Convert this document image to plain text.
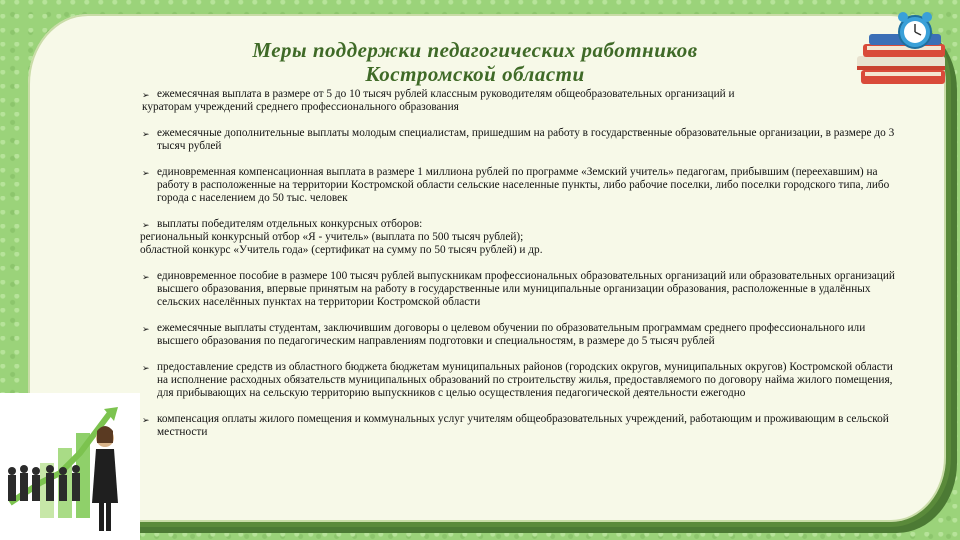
Меры поддержки педагогических работников
Костромской области
➢ ежемесячная выплата в размере от 5 до 10 тысяч рублей классным руководителям общеобразовательных организаций и
кураторам учреждений среднего профессионального образования
➢ ежемесячные дополнительные выплаты молодым специалистам, пришедшим на работу в государственные образовательные организации, в размере до 3 тысяч рублей
➢ единовременная компенсационная выплата в размере 1 миллиона рублей по программе «Земский учитель» педагогам, прибывшим (переехавшим) на работу в расположенные на территории Костромской области сельские населенные пункты, либо рабочие поселки, либо поселки городского типа, либо города с населением до 50 тыс. человек
➢ выплаты победителям отдельных конкурсных отборов:
региональный конкурсный отбор «Я - учитель» (выплата по 500 тысяч рублей);
областной конкурс «Учитель года» (сертификат на сумму по 50 тысяч рублей) и др.
➢ единовременное пособие в размере 100 тысяч рублей выпускникам профессиональных образовательных организаций или образовательных организаций высшего образования, впервые принятым на работу в государственные или муниципальные организации образования, расположенные в удалённых сельских населённых пунктах на территории Костромской области
➢ ежемесячные выплаты студентам, заключившим договоры о целевом обучении по образовательным программам среднего профессионального или высшего образования по педагогическим направлениям подготовки и специальностям, в размере до 5 тысяч рублей
➢ предоставление средств из областного бюджета бюджетам муниципальных районов (городских округов, муниципальных округов) Костромской области на исполнение расходных обязательств муниципальных образований по строительству жилья, предоставляемого по договору найма жилого помещения, для прибывающих на сельскую территорию выпускников с целью осуществления педагогической деятельности ежегодно
➢ компенсация оплаты жилого помещения и коммунальных услуг учителям общеобразовательных учреждений, работающим и проживающим в сельской местности
